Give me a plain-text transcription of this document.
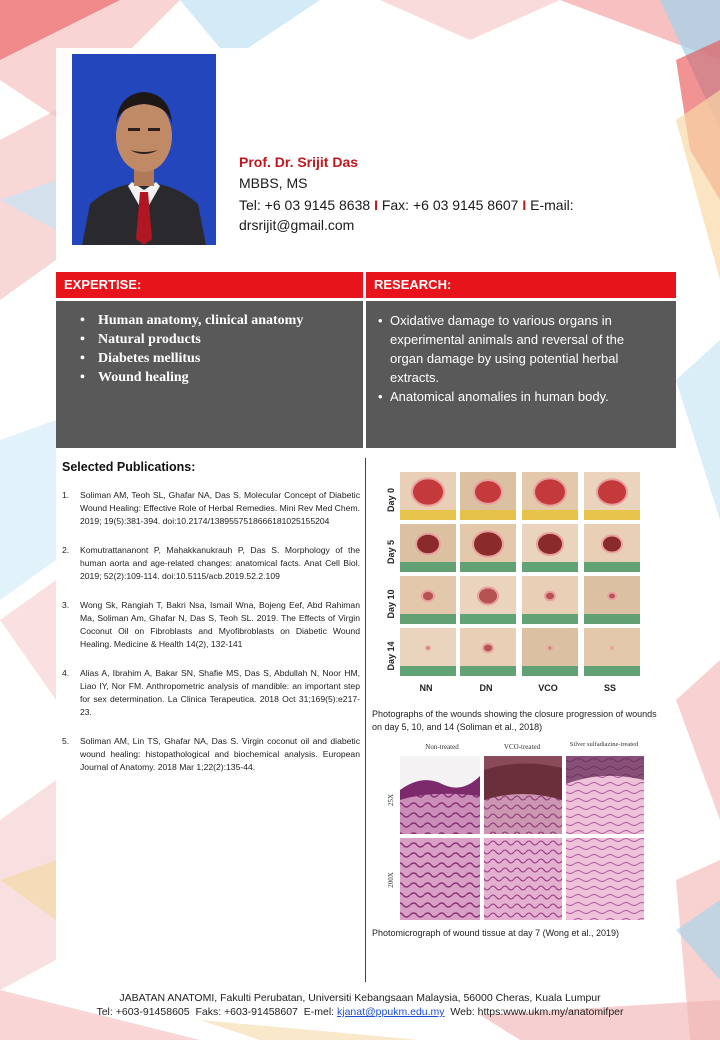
Prof. Dr. Srijit Das
MBBS, MS
Tel: +6 03 9145 8638 I Fax: +6 03 9145 8607 I E-mail: drsrijit@gmail.com
EXPERTISE:	RESEARCH:
• Human anatomy, clinical anatomy
• Natural products
• Diabetes mellitus
• Wound healing
• Oxidative damage to various organs in experimental animals and reversal of the organ damage by using potential herbal extracts.
• Anatomical anomalies in human body.
Selected Publications:
1. Soliman AM, Teoh SL, Ghafar NA, Das S. Molecular Concept of Diabetic Wound Healing: Effective Role of Herbal Remedies. Mini Rev Med Chem. 2019; 19(5):381-394. doi:10.2174/1389557518666181025155204
2. Komutrattananont P, Mahakkanukrauh P, Das S. Morphology of the human aorta and age-related changes: anatomical facts. Anat Cell Biol. 2019; 52(2):109-114. doi:10.5115/acb.2019.52.2.109
3. Wong Sk, Rangiah T, Bakri Nsa, Ismail Wna, Bojeng Eef, Abd Rahiman Ma, Soliman Am, Ghafar N, Das S, Teoh SL. 2019. The Effects of Virgin Coconut Oil on Fibroblasts and Myofibroblasts on Diabetic Wound Healing. Medicine & Health 14(2), 132-141
4. Alias A, Ibrahim A, Bakar SN, Shafie MS, Das S, Abdullah N, Noor HM, Liao IY, Nor FM. Anthropometric analysis of mandible: an important step for sex determination. La Clinica Terapeutica. 2018 Oct 31;169(5):e217-23.
5. Soliman AM, Lin TS, Ghafar NA, Das S. Virgin coconut oil and diabetic wound healing: histopathological and biochemical analysis. European Journal of Anatomy. 2018 Mar 1;22(2):135-44.
Day 0
Day 5
Day 10
Day 14
NN	DN	VCO	SS
Photographs of the wounds showing the closure progression of wounds on day 5, 10, and 14 (Soliman et al., 2018)
Non-treated	VCO-treated	Silver sulfadiazine-treated
25X
200X
Photomicrograph of wound tissue at day 7 (Wong et al., 2019)
JABATAN ANATOMI, Fakulti Perubatan, Universiti Kebangsaan Malaysia, 56000 Cheras, Kuala Lumpur
Tel: +603-91458605 Faks: +603-91458607 E-mel: kjanat@ppukm.edu.my Web: https:www.ukm.my/anatomifper
